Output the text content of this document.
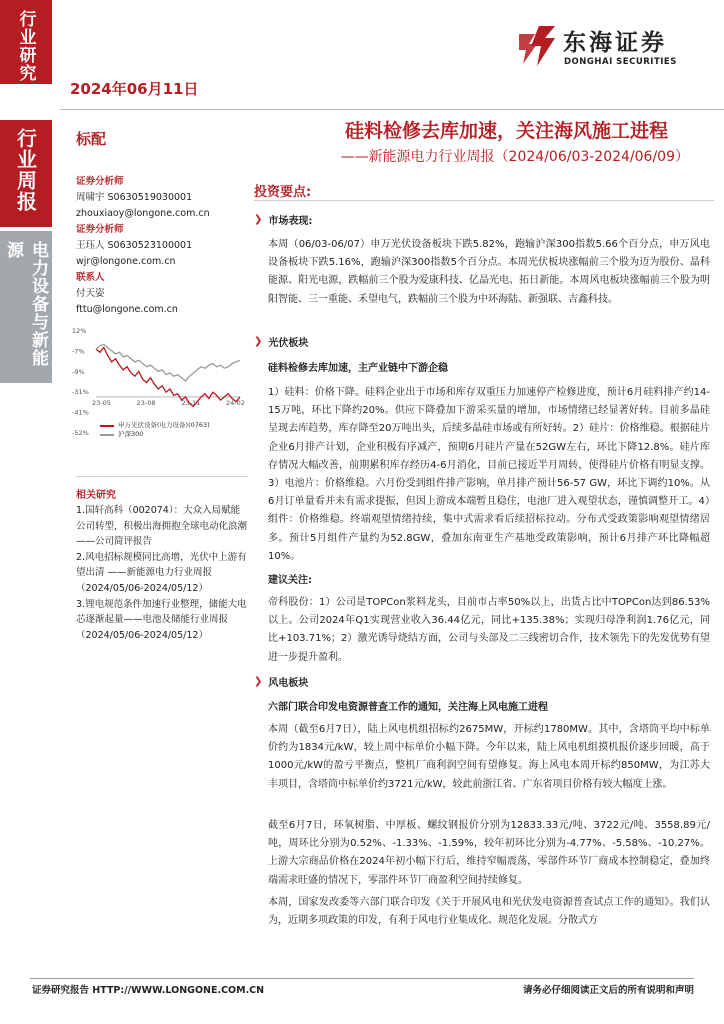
行业研究
行业周报
电力设备与新能源
2024年06月11日
东海证券
DONGHAI SECURITIES
硅料检修去库加速，关注海风施工进程
——新能源电力行业周报（2024/06/03-2024/06/09）
标配
证券分析师
周啸宇 S0630519030001
zhouxiaoy@longone.com.cn
证券分析师
王珏人 S0630523100001
wjr@longone.com.cn
联系人
付天姿
fttu@longone.com.cn
12%
-7%
-9%
-31%
-41%
-52%
23-05	23-08	23-11	24-02
申万光伏设备(电力设备)(0763)
沪深300
相关研究
1.国轩高科（002074）：大众入局赋能公司转型，积极出海拥抱全球电动化浪潮——公司简评报告
2.风电招标规模同比高增，光伏中上游有望出清 ——新能源电力行业周报（2024/05/06-2024/05/12）
3.锂电规范条件加速行业整理，储能大电芯逐渐起量——电池及储能行业周报（2024/05/06-2024/05/12）
投资要点:
❯ 市场表现:
本周（06/03-06/07）申万光伏设备板块下跌5.82%，跑输沪深300指数5.66个百分点，申万风电设备板块下跌5.16%，跑输沪深300指数5个百分点。本周光伏板块涨幅前三个股为迈为股份、晶科能源、阳光电源，跌幅前三个股为爱康科技、亿晶光电、拓日新能。本周风电板块涨幅前三个股为明阳智能、三一重能、禾望电气，跌幅前三个股为中环海陆、新强联、吉鑫科技。
❯ 光伏板块
硅料检修去库加速，主产业链中下游企稳
1）硅料：价格下降。硅料企业出于市场和库存双重压力加速停产检修进度，预计6月硅料排产约14-15万吨，环比下降约20%。供应下降叠加下游采买量的增加，市场情绪已经显著好转。目前多晶硅呈现去库趋势，库存降至20万吨出头，后续多晶硅市场或有所好转。2）硅片：价格维稳。根据硅片企业6月排产计划，企业积极有序减产，预期6月硅片产量在52GW左右，环比下降12.8%。硅片库存情况大幅改善，前期累积库存经历4-6月消化，目前已接近半月周转，使得硅片价格有明显支撑。3）电池片：价格维稳。六月份受到组件排产影响，单月排产预计56-57 GW，环比下调约10%。从6月订单量看并未有需求提振，但因上游成本端暂且稳住，电池厂进入观望状态，谨慎调整开工。4）组件：价格维稳。终端观望情绪持续，集中式需求看后续招标拉动。分布式受政策影响观望情绪居多。预计5月组件产量约为52.8GW，叠加东南亚生产基地受政策影响，预计6月排产环比降幅超10%。
建议关注:
帝科股份：1）公司是TOPCon浆料龙头，目前市占率50%以上，出货占比中TOPCon达到86.53%以上。公司2024年Q1实现营业收入36.44亿元，同比+135.38%；实现归母净利润1.76亿元，同比+103.71%；2）激光诱导烧结方面，公司与头部及二三线密切合作，技术领先下的先发优势有望进一步提升盈利。
❯ 风电板块
六部门联合印发电资源普查工作的通知，关注海上风电施工进程
本周（截至6月7日），陆上风电机组招标约2675MW，开标约1780MW。其中，含塔筒平均中标单价约为1834元/kW，较上周中标单价小幅下降。今年以来，陆上风电机组摸机报价逐步回暖，高于1000元/kW的盈亏平衡点，整机厂商利润空间有望修复。海上风电本周开标约850MW，为江苏大丰项目，含塔筒中标单价约3721元/kW，较此前浙江省、广东省项目价格有较大幅度上涨。
截至6月7日，环氧树脂、中厚板、螺纹钢报价分别为12833.33元/吨、3722元/吨、3558.89元/吨，周环比分别为0.52%、-1.33%、-1.59%，较年初环比分别为-4.77%、-5.58%、-10.27%。上游大宗商品价格在2024年初小幅下行后，维持窄幅震荡，零部件环节厂商成本控制稳定，叠加终端需求旺盛的情况下，零部件环节厂商盈利空间持续修复。
本周，国家发改委等六部门联合印发《关于开展风电和光伏发电资源普查试点工作的通知》。我们认为，近期多项政策的印发，有利于风电行业集成化、规范化发展。分散式方
证券研究报告 HTTP://WWW.LONGONE.COM.CN	请务必仔细阅读正文后的所有说明和声明
